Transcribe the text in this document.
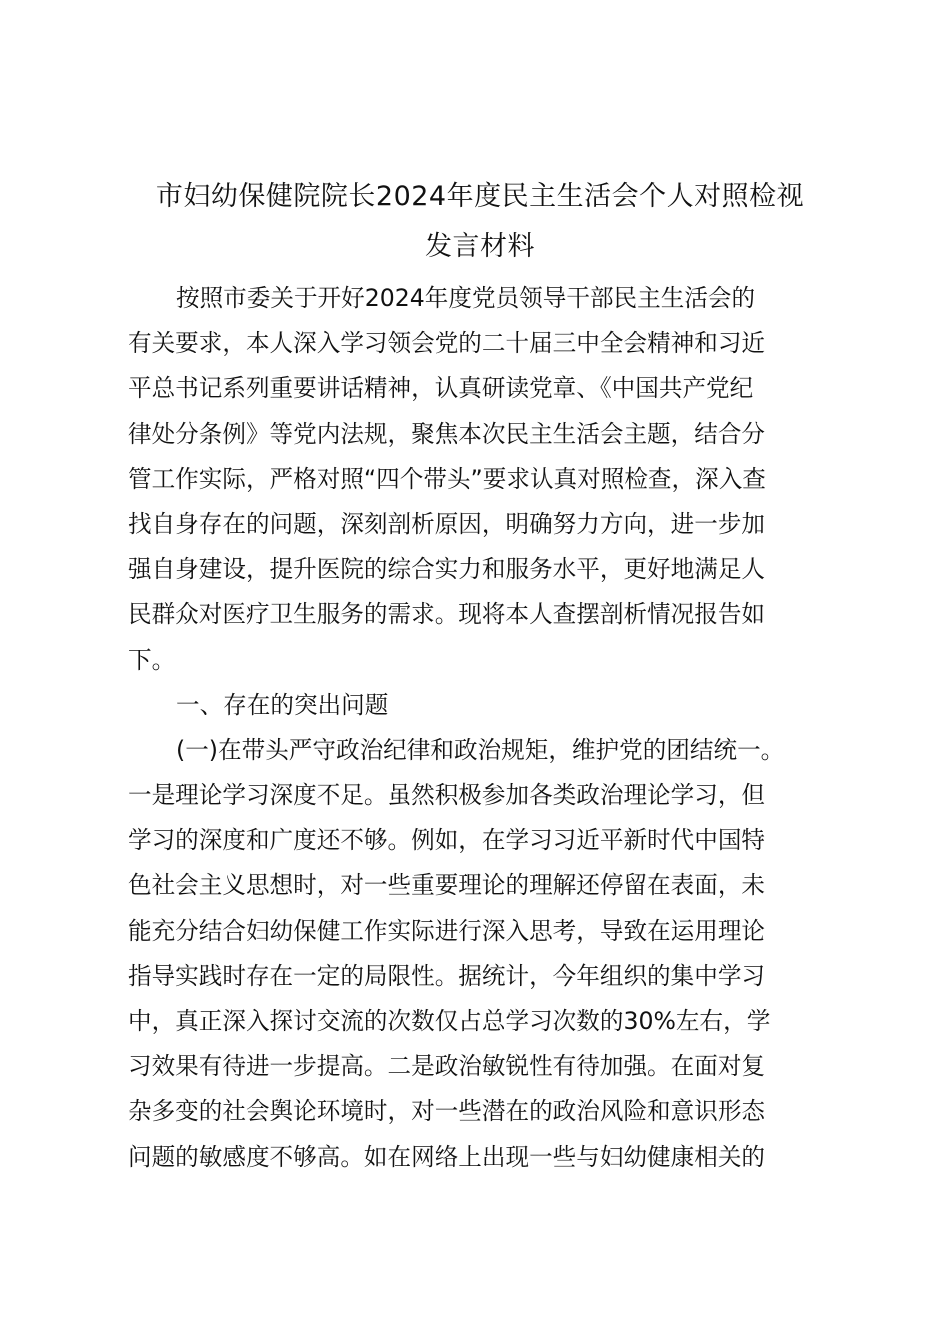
市妇幼保健院院长2024年度民主生活会个人对照检视
发言材料
按照市委关于开好2024年度党员领导干部民主生活会的
有关要求，本人深入学习领会党的二十届三中全会精神和习近
平总书记系列重要讲话精神，认真研读党章、《中国共产党纪
律处分条例》等党内法规，聚焦本次民主生活会主题，结合分
管工作实际，严格对照“四个带头”要求认真对照检查，深入查
找自身存在的问题，深刻剖析原因，明确努力方向，进一步加
强自身建设，提升医院的综合实力和服务水平，更好地满足人
民群众对医疗卫生服务的需求。现将本人查摆剖析情况报告如
下。
一、存在的突出问题
(一)在带头严守政治纪律和政治规矩，维护党的团结统一。
一是理论学习深度不足。虽然积极参加各类政治理论学习，但
学习的深度和广度还不够。例如，在学习习近平新时代中国特
色社会主义思想时，对一些重要理论的理解还停留在表面，未
能充分结合妇幼保健工作实际进行深入思考，导致在运用理论
指导实践时存在一定的局限性。据统计，今年组织的集中学习
中，真正深入探讨交流的次数仅占总学习次数的30%左右，学
习效果有待进一步提高。二是政治敏锐性有待加强。在面对复
杂多变的社会舆论环境时，对一些潜在的政治风险和意识形态
问题的敏感度不够高。如在网络上出现一些与妇幼健康相关的
